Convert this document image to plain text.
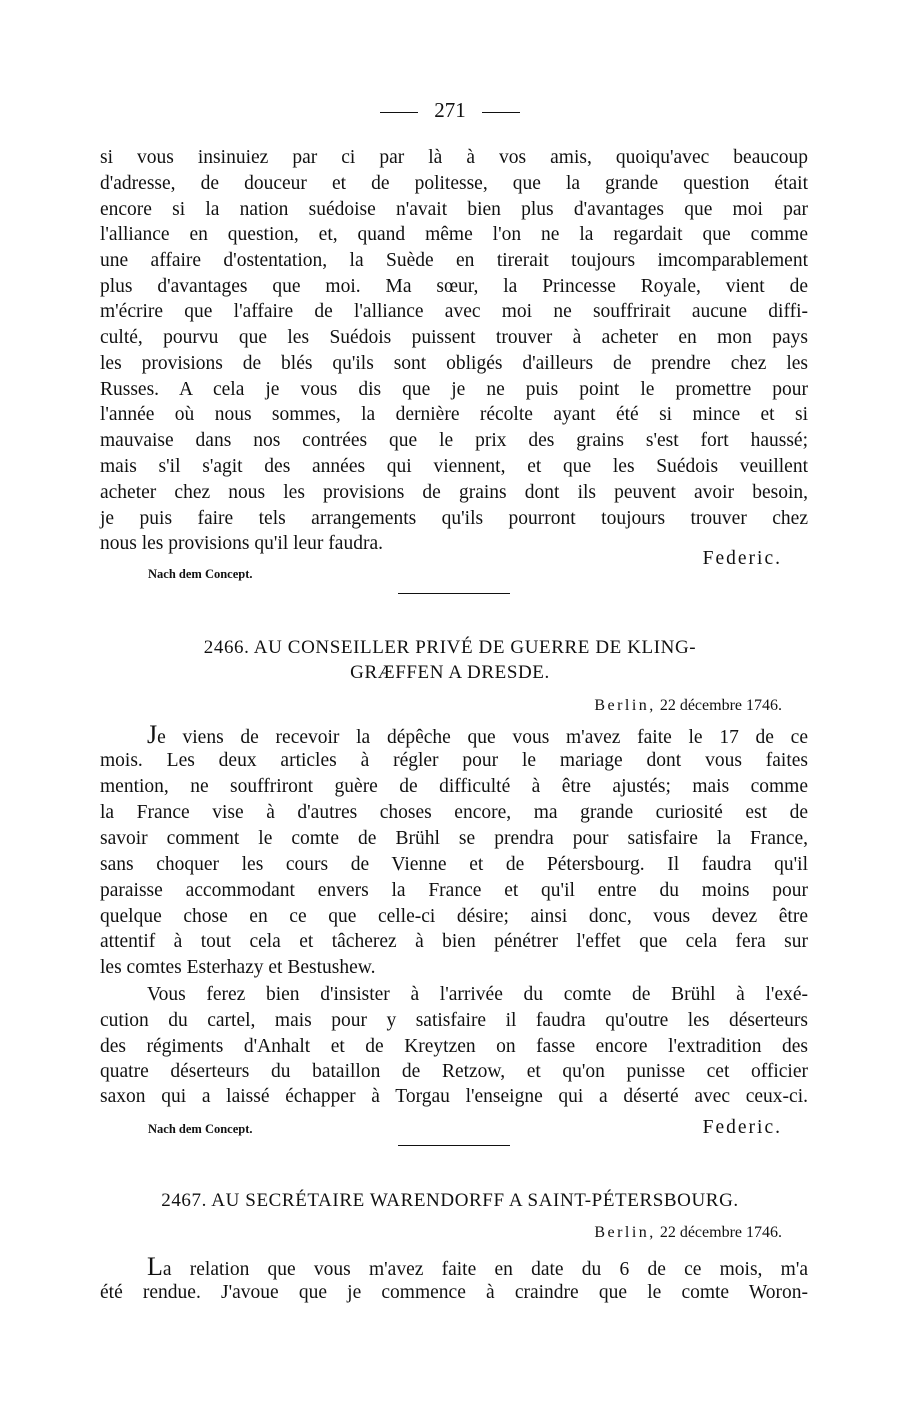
271
si vous insinuiez par ci par là à vos amis, quoiqu'avec beaucoup
d'adresse, de douceur et de politesse, que la grande question était
encore si la nation suédoise n'avait bien plus d'avantages que moi par
l'alliance en question, et, quand même l'on ne la regardait que comme
une affaire d'ostentation, la Suède en tirerait toujours imcomparablement
plus d'avantages que moi. Ma sœur, la Princesse Royale, vient de
m'écrire que l'affaire de l'alliance avec moi ne souffrirait aucune diffi-
culté, pourvu que les Suédois puissent trouver à acheter en mon pays
les provisions de blés qu'ils sont obligés d'ailleurs de prendre chez les
Russes. A cela je vous dis que je ne puis point le promettre pour
l'année où nous sommes, la dernière récolte ayant été si mince et si
mauvaise dans nos contrées que le prix des grains s'est fort haussé;
mais s'il s'agit des années qui viennent, et que les Suédois veuillent
acheter chez nous les provisions de grains dont ils peuvent avoir besoin,
je puis faire tels arrangements qu'ils pourront toujours trouver chez
nous les provisions qu'il leur faudra.
Federic.
Nach dem Concept.
2466. AU CONSEILLER PRIVÉ DE GUERRE DE KLING-
GRÆFFEN A DRESDE.
Berlin, 22 décembre 1746.
Je viens de recevoir la dépêche que vous m'avez faite le 17 de ce
mois. Les deux articles à régler pour le mariage dont vous faites
mention, ne souffriront guère de difficulté à être ajustés; mais comme
la France vise à d'autres choses encore, ma grande curiosité est de
savoir comment le comte de Brühl se prendra pour satisfaire la France,
sans choquer les cours de Vienne et de Pétersbourg. Il faudra qu'il
paraisse accommodant envers la France et qu'il entre du moins pour
quelque chose en ce que celle-ci désire; ainsi donc, vous devez être
attentif à tout cela et tâcherez à bien pénétrer l'effet que cela fera sur
les comtes Esterhazy et Bestushew.
Vous ferez bien d'insister à l'arrivée du comte de Brühl à l'exé-
cution du cartel, mais pour y satisfaire il faudra qu'outre les déserteurs
des régiments d'Anhalt et de Kreytzen on fasse encore l'extradition des
quatre déserteurs du bataillon de Retzow, et qu'on punisse cet officier
saxon qui a laissé échapper à Torgau l'enseigne qui a déserté avec ceux-ci.
Nach dem Concept.	Federic.
2467. AU SECRÉTAIRE WARENDORFF A SAINT-PÉTERSBOURG.
Berlin, 22 décembre 1746.
La relation que vous m'avez faite en date du 6 de ce mois, m'a
été rendue. J'avoue que je commence à craindre que le comte Woron-
